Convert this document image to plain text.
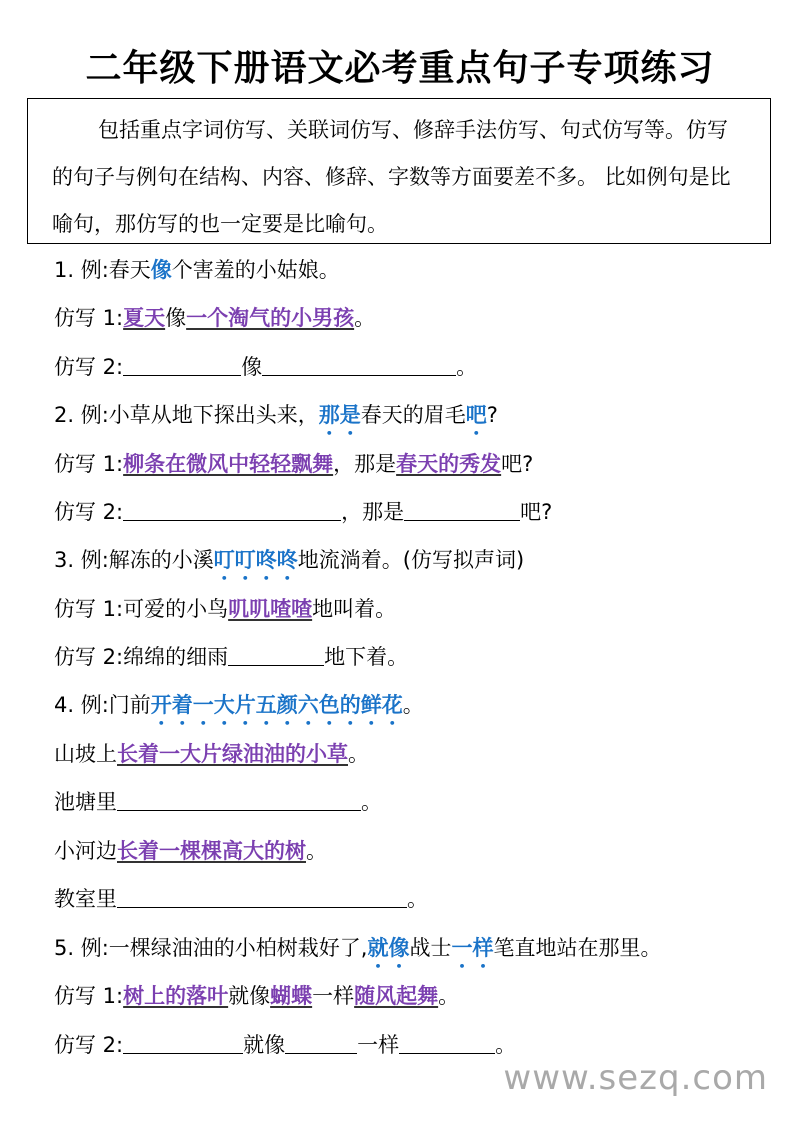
二年级下册语文必考重点句子专项练习

包括重点字词仿写、关联词仿写、修辞手法仿写、句式仿写等。仿写的句子与例句在结构、内容、修辞、字数等方面要差不多。 比如例句是比喻句，那仿写的也一定要是比喻句。

1. 例:春天像个害羞的小姑娘。
仿写 1:夏天像一个淘气的小男孩。
仿写 2:	像	。
2. 例:小草从地下探出头来，那是春天的眉毛吧?
仿写 1:柳条在微风中轻轻飘舞，那是春天的秀发吧?
仿写 2:	，那是	吧?
3. 例:解冻的小溪叮叮咚咚地流淌着。(仿写拟声词)
仿写 1:可爱的小鸟叽叽喳喳地叫着。
仿写 2:绵绵的细雨	地下着。
4. 例:门前开着一大片五颜六色的鲜花。
山坡上长着一大片绿油油的小草。
池塘里	。
小河边长着一棵棵高大的树。
教室里	。
5. 例:一棵绿油油的小柏树栽好了,就像战士一样笔直地站在那里。
仿写 1:树上的落叶就像蝴蝶一样随风起舞。
仿写 2:	就像	一样	。
www.sezq.com
